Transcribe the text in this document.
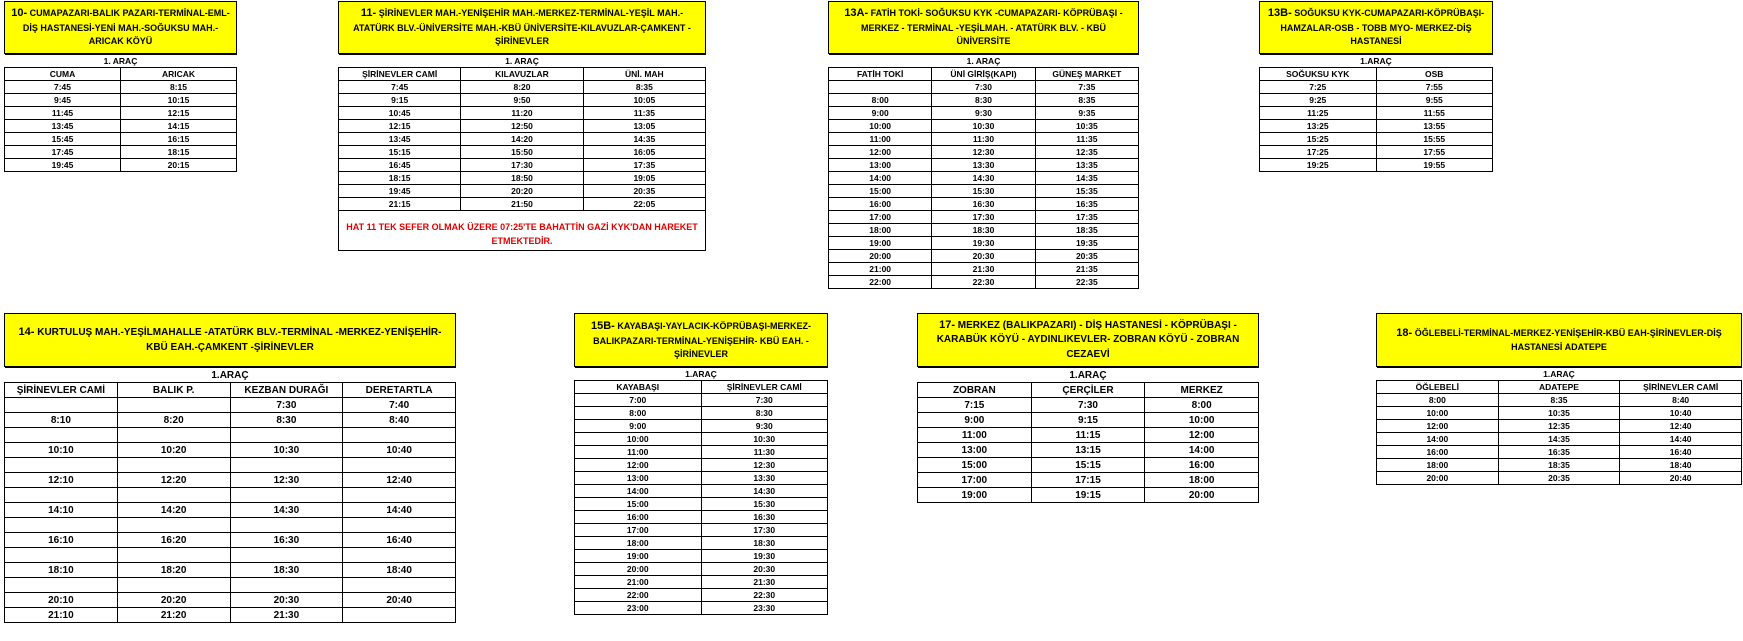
10- CUMAPAZARI-BALIK PAZARI-TERMİNAL-EML-DİŞ HASTANESİ-YENİ MAH.-SOĞUKSU MAH.-ARICAK KÖYÜ
1. ARAÇ	
CUMA	ARICAK
7:45	8:15
9:45	10:15
11:45	12:15
13:45	14:15
15:45	16:15
17:45	18:15
19:45	20:15
11- ŞİRİNEVLER MAH.-YENİŞEHİR MAH.-MERKEZ-TERMİNAL-YEŞİL MAH.-ATATÜRK BLV.-ÜNİVERSİTE MAH.-KBÜ ÜNİVERSİTE-KILAVUZLAR-ÇAMKENT - ŞİRİNEVLER
1. ARAÇ		
ŞİRİNEVLER CAMİ	KILAVUZLAR	ÜNİ. MAH
7:45	8:20	8:35
9:15	9:50	10:05
10:45	11:20	11:35
12:15	12:50	13:05
13:45	14:20	14:35
15:15	15:50	16:05
16:45	17:30	17:35
18:15	18:50	19:05
19:45	20:20	20:35
21:15	21:50	22:05
HAT 11 TEK SEFER OLMAK ÜZERE 07:25'TE BAHATTİN GAZİ KYK'DAN HAREKET ETMEKTEDİR.
13A- FATİH TOKİ- SOĞUKSU KYK -CUMAPAZARI- KÖPRÜBAŞI - MERKEZ - TERMİNAL -YEŞİLMAH. - ATATÜRK BLV. - KBÜ ÜNİVERSİTE
1. ARAÇ		
FATİH TOKİ	ÜNİ GİRİŞ(KAPI)	GÜNEŞ MARKET
	7:30	7:35
8:00	8:30	8:35
9:00	9:30	9:35
10:00	10:30	10:35
11:00	11:30	11:35
12:00	12:30	12:35
13:00	13:30	13:35
14:00	14:30	14:35
15:00	15:30	15:35
16:00	16:30	16:35
17:00	17:30	17:35
18:00	18:30	18:35
19:00	19:30	19:35
20:00	20:30	20:35
21:00	21:30	21:35
22:00	22:30	22:35
13B- SOĞUKSU KYK-CUMAPAZARI-KÖPRÜBAŞI-HAMZALAR-OSB - TOBB MYO- MERKEZ-DİŞ HASTANESİ
1.ARAÇ	
SOĞUKSU KYK	OSB
7:25	7:55
9:25	9:55
11:25	11:55
13:25	13:55
15:25	15:55
17:25	17:55
19:25	19:55
14- KURTULUŞ MAH.-YEŞİLMAHALLE -ATATÜRK BLV.-TERMİNAL -MERKEZ-YENİŞEHİR-KBÜ EAH.-ÇAMKENT -ŞİRİNEVLER
1.ARAÇ			
ŞİRİNEVLER CAMİ	BALIK P.	KEZBAN DURAĞI	DERETARTLA
		7:30	7:40
8:10	8:20	8:30	8:40

10:10	10:20	10:30	10:40

12:10	12:20	12:30	12:40

14:10	14:20	14:30	14:40

16:10	16:20	16:30	16:40

18:10	18:20	18:30	18:40

20:10	20:20	20:30	20:40
21:10	21:20	21:30	
15B- KAYABAŞI-YAYLACIK-KÖPRÜBAŞI-MERKEZ-BALIKPAZARI-TERMİNAL-YENİŞEHİR- KBÜ EAH. - ŞİRİNEVLER
1.ARAÇ	
KAYABAŞI	ŞİRİNEVLER CAMİ
7:00	7:30
8:00	8:30
9:00	9:30
10:00	10:30
11:00	11:30
12:00	12:30
13:00	13:30
14:00	14:30
15:00	15:30
16:00	16:30
17:00	17:30
18:00	18:30
19:00	19:30
20:00	20:30
21:00	21:30
22:00	22:30
23:00	23:30
17- MERKEZ (BALIKPAZARI) - DİŞ HASTANESİ - KÖPRÜBAŞI - KARABÜK KÖYÜ - AYDINLIKEVLER- ZOBRAN KÖYÜ - ZOBRAN CEZAEVİ
1.ARAÇ		
ZOBRAN	ÇERÇİLER	MERKEZ
7:15	7:30	8:00
9:00	9:15	10:00
11:00	11:15	12:00
13:00	13:15	14:00
15:00	15:15	16:00
17:00	17:15	18:00
19:00	19:15	20:00
18- ÖĞLEBELİ-TERMİNAL-MERKEZ-YENİŞEHİR-KBÜ EAH-ŞİRİNEVLER-DİŞ HASTANESİ ADATEPE
1.ARAÇ		
ÖĞLEBELİ	ADATEPE	ŞİRİNEVLER CAMİ
8:00	8:35	8:40
10:00	10:35	10:40
12:00	12:35	12:40
14:00	14:35	14:40
16:00	16:35	16:40
18:00	18:35	18:40
20:00	20:35	20:40
